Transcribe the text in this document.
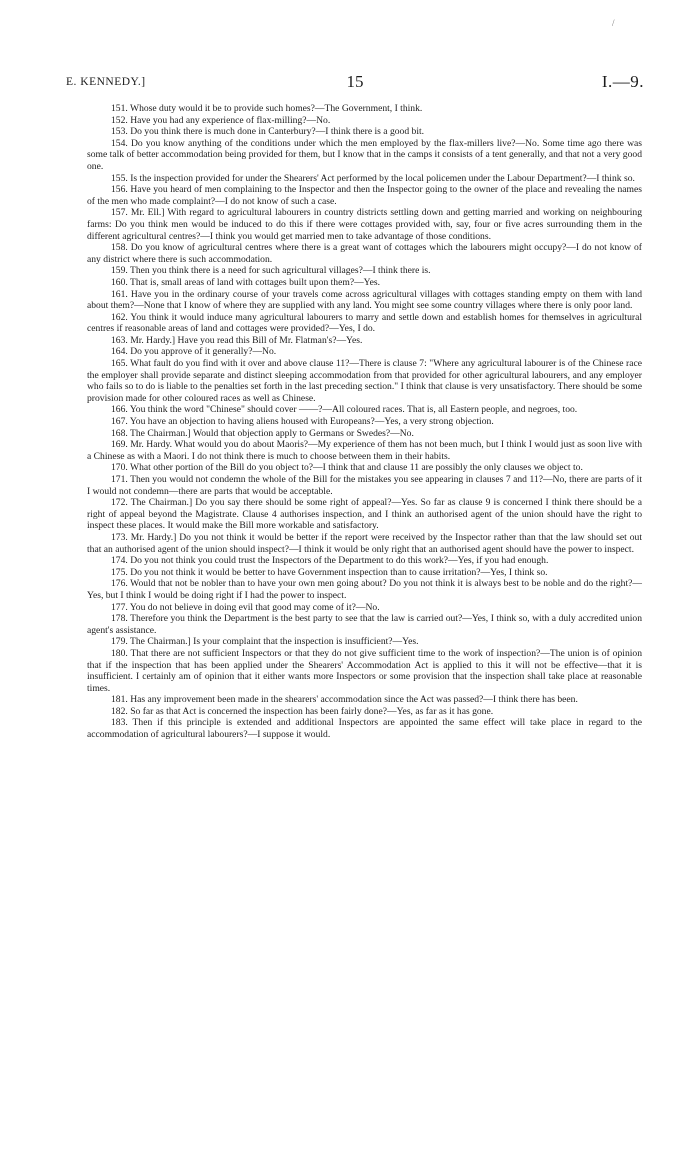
/
E. KENNEDY.]	15	I.—9.

151. Whose duty would it be to provide such homes?—The Government, I think.

152. Have you had any experience of flax-milling?—No.

153. Do you think there is much done in Canterbury?—I think there is a good bit.

154. Do you know anything of the conditions under which the men employed by the flax-millers live?—No. Some time ago there was some talk of better accommodation being provided for them, but I know that in the camps it consists of a tent generally, and that not a very good one.

155. Is the inspection provided for under the Shearers' Act performed by the local policemen under the Labour Department?—I think so.

156. Have you heard of men complaining to the Inspector and then the Inspector going to the owner of the place and revealing the names of the men who made complaint?—I do not know of such a case.

157. Mr. Ell.] With regard to agricultural labourers in country districts settling down and getting married and working on neighbouring farms: Do you think men would be induced to do this if there were cottages provided with, say, four or five acres surrounding them in the different agricultural centres?—I think you would get married men to take advantage of those conditions.

158. Do you know of agricultural centres where there is a great want of cottages which the labourers might occupy?—I do not know of any district where there is such accommodation.

159. Then you think there is a need for such agricultural villages?—I think there is.

160. That is, small areas of land with cottages built upon them?—Yes.

161. Have you in the ordinary course of your travels come across agricultural villages with cottages standing empty on them with land about them?—None that I know of where they are supplied with any land. You might see some country villages where there is only poor land.

162. You think it would induce many agricultural labourers to marry and settle down and establish homes for themselves in agricultural centres if reasonable areas of land and cottages were provided?—Yes, I do.

163. Mr. Hardy.] Have you read this Bill of Mr. Flatman's?—Yes.

164. Do you approve of it generally?—No.

165. What fault do you find with it over and above clause 11?—There is clause 7: "Where any agricultural labourer is of the Chinese race the employer shall provide separate and distinct sleeping accommodation from that provided for other agricultural labourers, and any employer who fails so to do is liable to the penalties set forth in the last preceding section." I think that clause is very unsatisfactory. There should be some provision made for other coloured races as well as Chinese.

166. You think the word "Chinese" should cover ——?—All coloured races. That is, all Eastern people, and negroes, too.

167. You have an objection to having aliens housed with Europeans?—Yes, a very strong objection.

168. The Chairman.] Would that objection apply to Germans or Swedes?—No.

169. Mr. Hardy. What would you do about Maoris?—My experience of them has not been much, but I think I would just as soon live with a Chinese as with a Maori. I do not think there is much to choose between them in their habits.

170. What other portion of the Bill do you object to?—I think that and clause 11 are possibly the only clauses we object to.

171. Then you would not condemn the whole of the Bill for the mistakes you see appearing in clauses 7 and 11?—No, there are parts of it I would not condemn—there are parts that would be acceptable.

172. The Chairman.] Do you say there should be some right of appeal?—Yes. So far as clause 9 is concerned I think there should be a right of appeal beyond the Magistrate. Clause 4 authorises inspection, and I think an authorised agent of the union should have the right to inspect these places. It would make the Bill more workable and satisfactory.

173. Mr. Hardy.] Do you not think it would be better if the report were received by the Inspector rather than that the law should set out that an authorised agent of the union should inspect?—I think it would be only right that an authorised agent should have the power to inspect.

174. Do you not think you could trust the Inspectors of the Department to do this work?—Yes, if you had enough.

175. Do you not think it would be better to have Government inspection than to cause irritation?—Yes, I think so.

176. Would that not be nobler than to have your own men going about? Do you not think it is always best to be noble and do the right?—Yes, but I think I would be doing right if I had the power to inspect.

177. You do not believe in doing evil that good may come of it?—No.

178. Therefore you think the Department is the best party to see that the law is carried out?—Yes, I think so, with a duly accredited union agent's assistance.

179. The Chairman.] Is your complaint that the inspection is insufficient?—Yes.

180. That there are not sufficient Inspectors or that they do not give sufficient time to the work of inspection?—The union is of opinion that if the inspection that has been applied under the Shearers' Accommodation Act is applied to this it will not be effective—that it is insufficient. I certainly am of opinion that it either wants more Inspectors or some provision that the inspection shall take place at reasonable times.

181. Has any improvement been made in the shearers' accommodation since the Act was passed?—I think there has been.

182. So far as that Act is concerned the inspection has been fairly done?—Yes, as far as it has gone.

183. Then if this principle is extended and additional Inspectors are appointed the same effect will take place in regard to the accommodation of agricultural labourers?—I suppose it would.
